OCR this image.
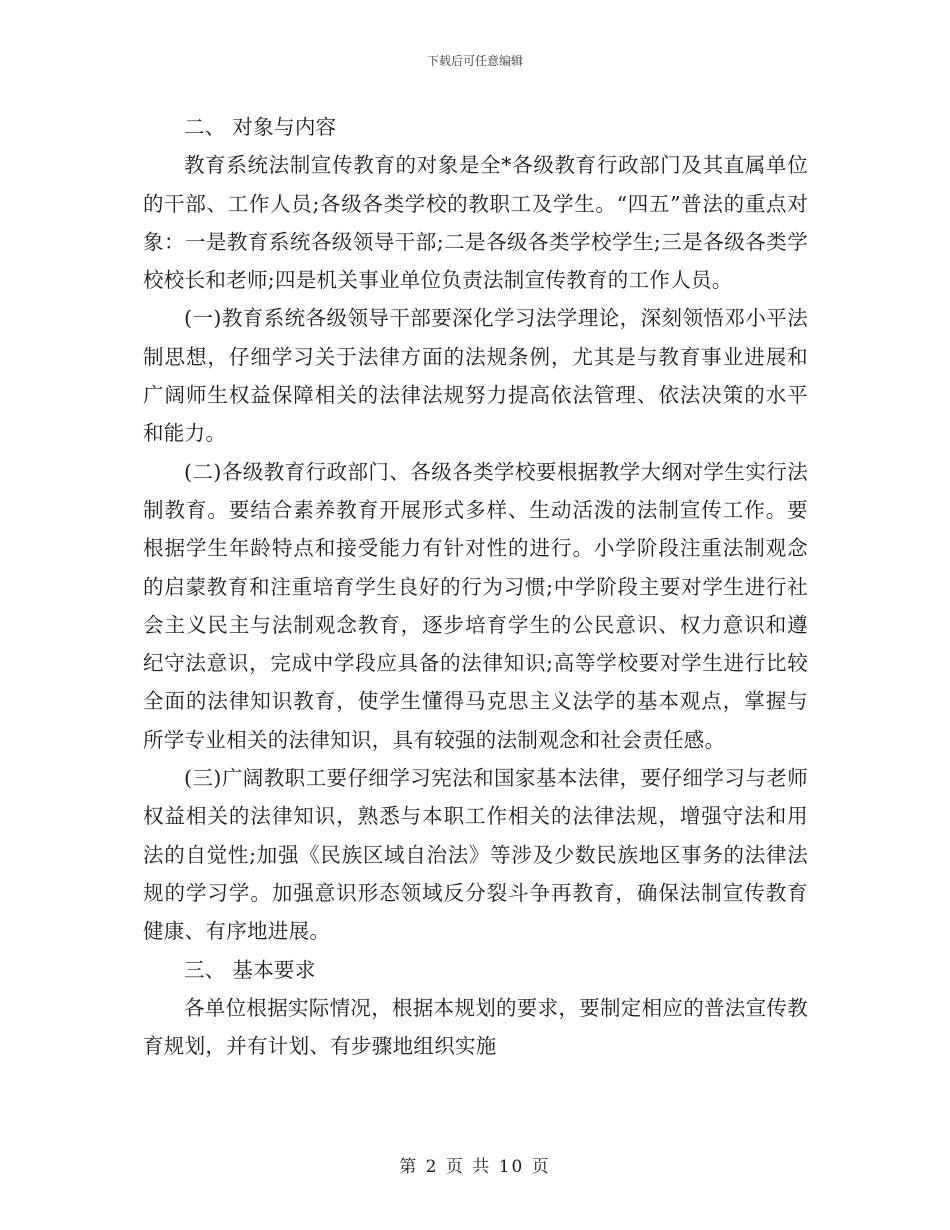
下载后可任意编辑

二、 对象与内容

教育系统法制宣传教育的对象是全*各级教育行政部门及其直属单位的干部、工作人员;各级各类学校的教职工及学生。“四五”普法的重点对象：一是教育系统各级领导干部;二是各级各类学校学生;三是各级各类学校校长和老师;四是机关事业单位负责法制宣传教育的工作人员。

(一)教育系统各级领导干部要深化学习法学理论，深刻领悟邓小平法制思想，仔细学习关于法律方面的法规条例，尤其是与教育事业进展和广阔师生权益保障相关的法律法规努力提高依法管理、依法决策的水平和能力。

(二)各级教育行政部门、各级各类学校要根据教学大纲对学生实行法制教育。要结合素养教育开展形式多样、生动活泼的法制宣传工作。要根据学生年龄特点和接受能力有针对性的进行。小学阶段注重法制观念的启蒙教育和注重培育学生良好的行为习惯;中学阶段主要对学生进行社会主义民主与法制观念教育，逐步培育学生的公民意识、权力意识和遵纪守法意识，完成中学段应具备的法律知识;高等学校要对学生进行比较全面的法律知识教育，使学生懂得马克思主义法学的基本观点，掌握与所学专业相关的法律知识，具有较强的法制观念和社会责任感。

(三)广阔教职工要仔细学习宪法和国家基本法律，要仔细学习与老师权益相关的法律知识，熟悉与本职工作相关的法律法规，增强守法和用法的自觉性;加强《民族区域自治法》等涉及少数民族地区事务的法律法规的学习学。加强意识形态领域反分裂斗争再教育，确保法制宣传教育健康、有序地进展。

三、 基本要求

各单位根据实际情况，根据本规划的要求，要制定相应的普法宣传教育规划，并有计划、有步骤地组织实施

第 2 页 共 10 页
